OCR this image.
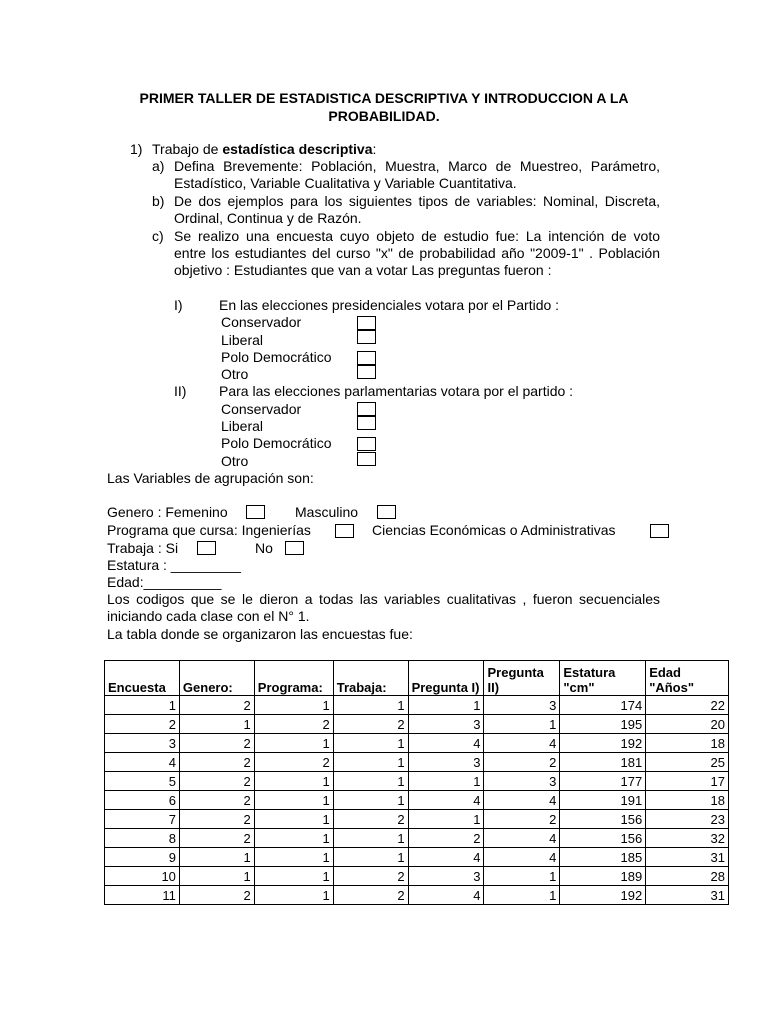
PRIMER TALLER DE ESTADISTICA DESCRIPTIVA Y INTRODUCCION A LA
PROBABILIDAD.
1) Trabajo de estadística descriptiva:
a) Defina Brevemente: Población, Muestra, Marco de Muestreo, Parámetro, Estadístico, Variable Cualitativa y Variable Cuantitativa.
b) De dos ejemplos para los siguientes tipos de variables: Nominal, Discreta, Ordinal, Continua y de Razón.
c) Se realizo una encuesta cuyo objeto de estudio fue: La intención de voto entre los estudiantes del curso "x" de probabilidad año "2009-1" . Población objetivo : Estudiantes que van a votar Las preguntas fueron :
I)	En las elecciones presidenciales votara por el Partido :
Conservador
Liberal
Polo Democrático
Otro
II) Para las elecciones parlamentarias votara por el partido :
Conservador
Liberal
Polo Democrático
Otro
Las Variables de agrupación son:
Genero : Femenino	Masculino
Programa que cursa: Ingenierías	Ciencias Económicas o Administrativas
Trabaja : Si	No
Estatura : _________
Edad:__________
Los codigos que se le dieron a todas las variables cualitativas , fueron secuenciales iniciando cada clase con el N° 1.
La tabla donde se organizaron las encuestas fue:
Encuesta	Genero:	Programa:	Trabaja:	Pregunta I)	Pregunta II)	Estatura "cm"	Edad "Años"
1	2	1	1	1	3	174	22
2	1	2	2	3	1	195	20
3	2	1	1	4	4	192	18
4	2	2	1	3	2	181	25
5	2	1	1	1	3	177	17
6	2	1	1	4	4	191	18
7	2	1	2	1	2	156	23
8	2	1	1	2	4	156	32
9	1	1	1	4	4	185	31
10	1	1	2	3	1	189	28
11	2	1	2	4	1	192	31
